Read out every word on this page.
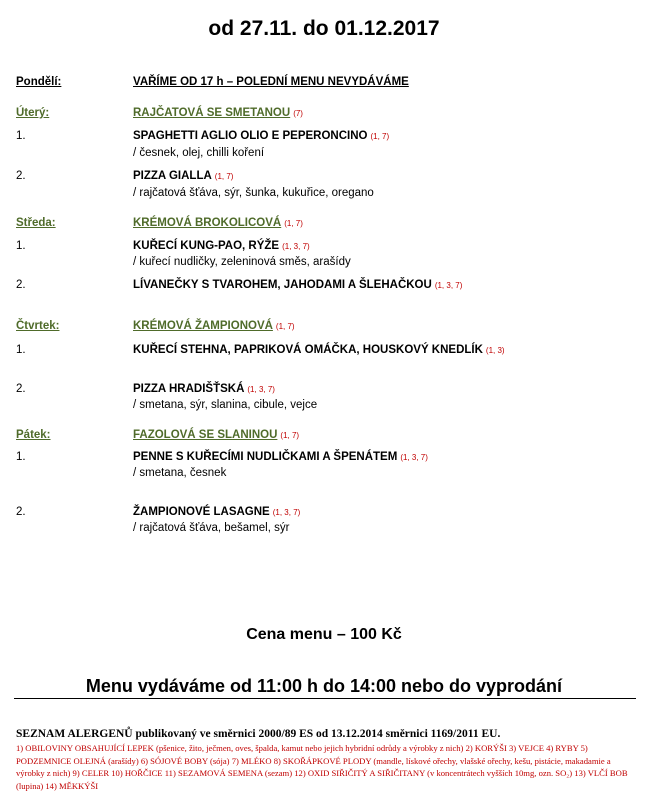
od 27.11. do 01.12.2017
Pondělí:	VAŘÍME OD 17 h – POLEDNÍ MENU NEVYDÁVÁME
Úterý:	RAJČATOVÁ SE SMETANOU (7)
1.	SPAGHETTI AGLIO OLIO E PEPERONCINO (1, 7)
/ česnek, olej, chilli koření
2.	PIZZA GIALLA (1, 7)
/ rajčatová šťáva, sýr, šunka, kukuřice, oregano
Středa:	KRÉMOVÁ BROKOLICOVÁ (1, 7)
1.	KUŘECÍ KUNG-PAO, RÝŽE (1, 3, 7)
/ kuřecí nudličky, zeleninová směs, arašídy
2.	LÍVANEČKY S TVAROHEM, JAHODAMI A ŠLEHAČKOU (1, 3, 7)
Čtvrtek:	KRÉMOVÁ ŽAMPIONOVÁ (1, 7)
1.	KUŘECÍ STEHNA, PAPRIKOVÁ OMÁČKA, HOUSKOVÝ KNEDLÍK (1, 3)
2.	PIZZA HRADIŠŤSKÁ (1, 3, 7)
/ smetana, sýr, slanina, cibule, vejce
Pátek:	FAZOLOVÁ SE SLANINOU (1, 7)
1.	PENNE S KUŘECÍMI NUDLIČKAMI A ŠPENÁTEM (1, 3, 7)
/ smetana, česnek
2.	ŽAMPIONOVÉ LASAGNE (1, 3, 7)
/ rajčatová šťáva, bešamel, sýr
Cena menu – 100 Kč
Menu vydáváme od 11:00 h do 14:00 nebo do vyprodání
SEZNAM ALERGENŮ publikovaný ve směrnici 2000/89 ES od 13.12.2014 směrnici 1169/2011 EU.
1) OBILOVINY OBSAHUJÍCÍ LEPEK (pšenice, žito, ječmen, oves, špalda, kamut nebo jejich hybridní odrůdy a výrobky z nich) 2) KORÝŠI 3) VEJCE 4) RYBY 5) PODZEMNICE OLEJNÁ (arašídy) 6) SÓJOVÉ BOBY (sója) 7) MLÉKO 8) SKOŘÁPKOVÉ PLODY (mandle, lískové ořechy, vlašské ořechy, kešu, pistácie, makadamie a výrobky z nich) 9) CELER 10) HOŘČICE 11) SEZAMOVÁ SEMENA (sezam) 12) OXID SIŘIČITÝ A SIŘIČITANY (v koncentrátech vyšších 10mg, ozn. SO₂) 13) VLČÍ BOB (lupina) 14) MĚKKÝŠI
